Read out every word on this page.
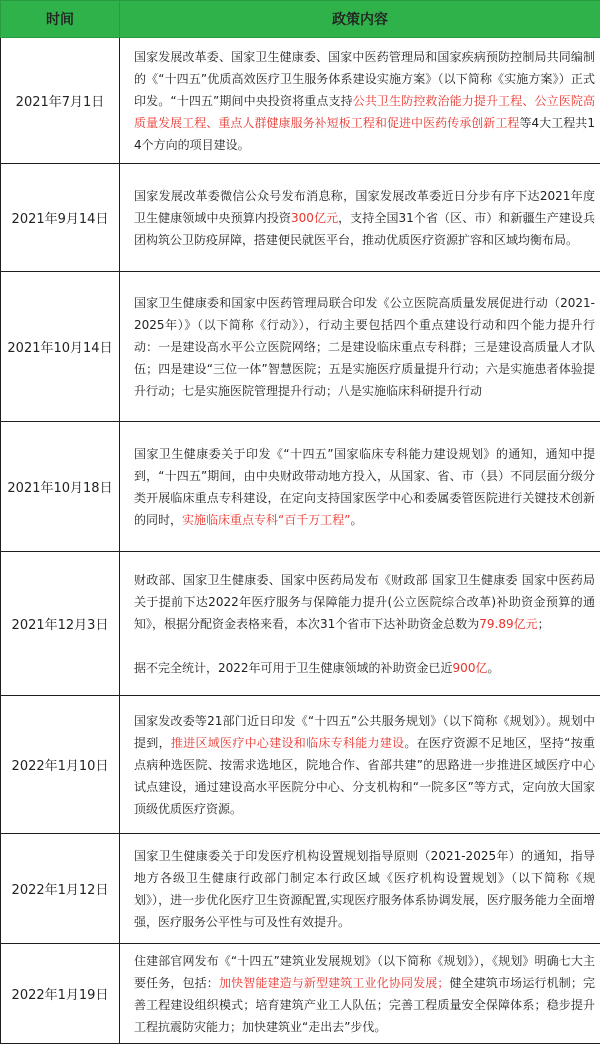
时间	政策内容
2021年7月1日	国家发展改革委、国家卫生健康委、国家中医药管理局和国家疾病预防控制局共同编制的《“十四五”优质高效医疗卫生服务体系建设实施方案》（以下简称《实施方案》）正式印发。“十四五”期间中央投资将重点支持公共卫生防控救治能力提升工程、公立医院高质量发展工程、重点人群健康服务补短板工程和促进中医药传承创新工程等4大工程共14个方向的项目建设。

2021年9月14日	国家发展改革委微信公众号发布消息称，国家发展改革委近日分步有序下达2021年度卫生健康领域中央预算内投资300亿元，支持全国31个省（区、市）和新疆生产建设兵团构筑公卫防疫屏障，搭建便民就医平台，推动优质医疗资源扩容和区域均衡布局。

2021年10月14日	国家卫生健康委和国家中医药管理局联合印发《公立医院高质量发展促进行动（2021-2025年）》（以下简称《行动》），行动主要包括四个重点建设行动和四个能力提升行动：一是建设高水平公立医院网络；二是建设临床重点专科群；三是建设高质量人才队伍；四是建设“三位一体”智慧医院；五是实施医疗质量提升行动；六是实施患者体验提升行动；七是实施医院管理提升行动；八是实施临床科研提升行动

2021年10月18日	国家卫生健康委关于印发《“十四五”国家临床专科能力建设规划》的通知，通知中提到，“十四五”期间，由中央财政带动地方投入，从国家、省、市（县）不同层面分级分类开展临床重点专科建设，在定向支持国家医学中心和委属委管医院进行关键技术创新的同时，实施临床重点专科“百千万工程”。

2021年12月3日	财政部、国家卫生健康委、国家中医药局发布《财政部 国家卫生健康委 国家中医药局关于提前下达2022年医疗服务与保障能力提升(公立医院综合改革)补助资金预算的通知》，根据分配资金表格来看，本次31个省市下达补助资金总数为79.89亿元；
据不完全统计，2022年可用于卫生健康领域的补助资金已近900亿。

2022年1月10日	国家发改委等21部门近日印发《“十四五”公共服务规划》（以下简称《规划》）。规划中提到，推进区域医疗中心建设和临床专科能力建设。在医疗资源不足地区，坚持“按重点病种选医院、按需求选地区，院地合作、省部共建”的思路进一步推进区域医疗中心试点建设，通过建设高水平医院分中心、分支机构和“一院多区”等方式，定向放大国家顶级优质医疗资源。

2022年1月12日	国家卫生健康委关于印发医疗机构设置规划指导原则（2021-2025年）的通知，指导地方各级卫生健康行政部门制定本行政区域《医疗机构设置规划》（以下简称《规划》），进一步优化医疗卫生资源配置,实现医疗服务体系协调发展，医疗服务能力全面增强，医疗服务公平性与可及性有效提升。

2022年1月19日	住建部官网发布《“十四五”建筑业发展规划》（以下简称《规划》），《规划》明确七大主要任务，包括：加快智能建造与新型建筑工业化协同发展；健全建筑市场运行机制；完善工程建设组织模式；培育建筑产业工人队伍；完善工程质量安全保障体系；稳步提升工程抗震防灾能力；加快建筑业“走出去”步伐。
